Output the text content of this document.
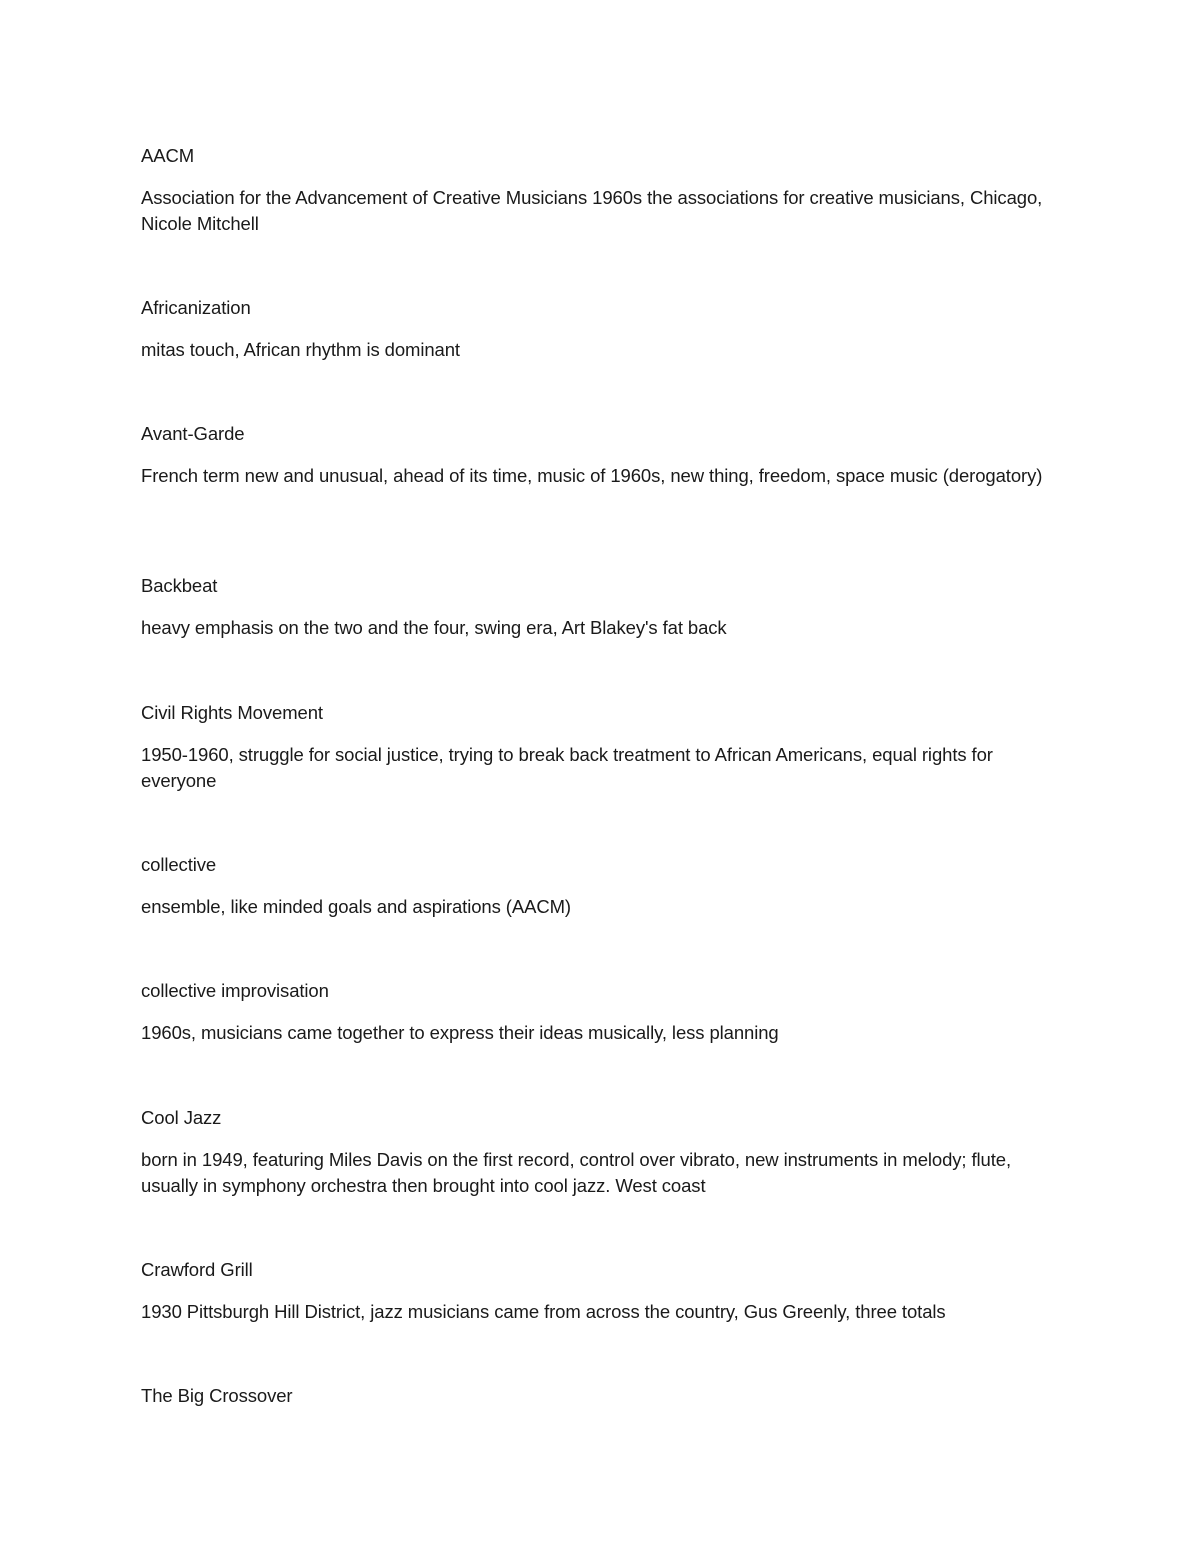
AACM

Association for the Advancement of Creative Musicians 1960s the associations for creative musicians, Chicago, Nicole Mitchell

Africanization

mitas touch, African rhythm is dominant

Avant-Garde

French term new and unusual, ahead of its time, music of 1960s, new thing, freedom, space music (derogatory)

Backbeat

heavy emphasis on the two and the four, swing era, Art Blakey's fat back

Civil Rights Movement

1950-1960, struggle for social justice, trying to break back treatment to African Americans, equal rights for everyone

collective

ensemble, like minded goals and aspirations (AACM)

collective improvisation

1960s, musicians came together to express their ideas musically, less planning

Cool Jazz

born in 1949, featuring Miles Davis on the first record, control over vibrato, new instruments in melody; flute, usually in symphony orchestra then brought into cool jazz. West coast

Crawford Grill

1930 Pittsburgh Hill District, jazz musicians came from across the country, Gus Greenly, three totals

The Big Crossover
